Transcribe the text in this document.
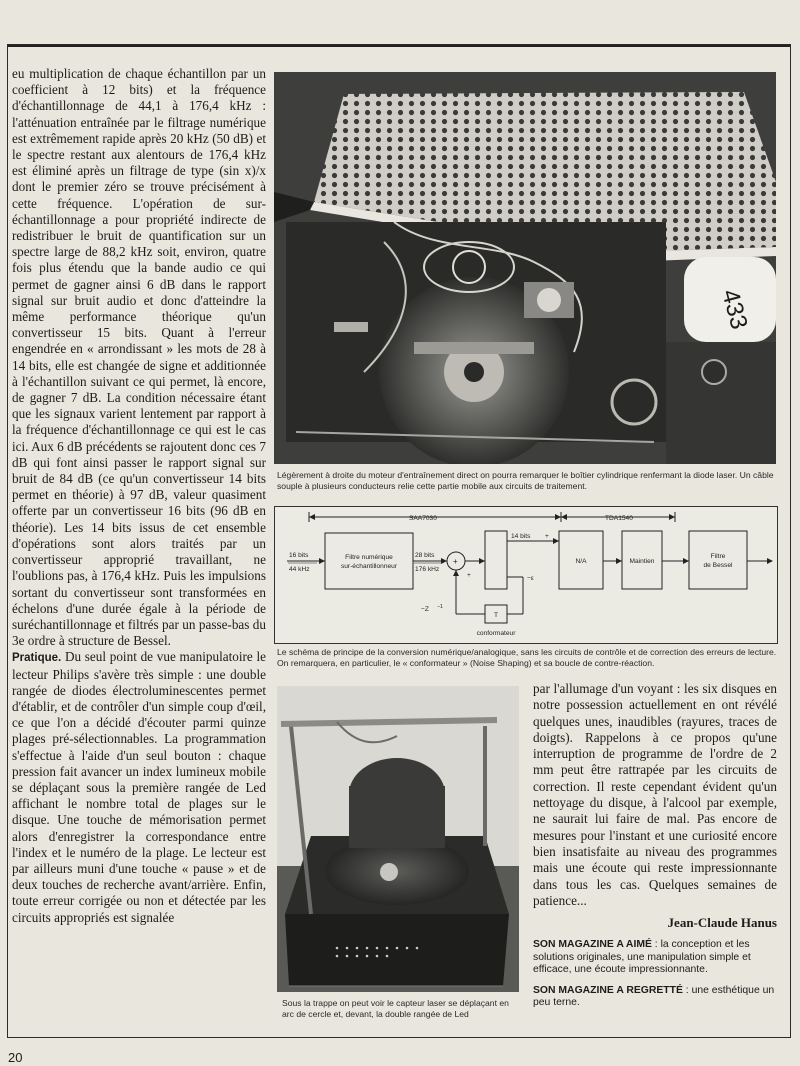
eu multiplication de chaque échantillon par un coefficient à 12 bits) et la fréquence d'échantillonnage de 44,1 à 176,4 kHz : l'atténuation entraînée par le filtrage numérique est extrêmement rapide après 20 kHz (50 dB) et le spectre restant aux alentours de 176,4 kHz est éliminé après un filtrage de type (sin x)/x dont le premier zéro se trouve précisément à cette fréquence. L'opération de sur-échantillonnage a pour propriété indirecte de redistribuer le bruit de quantification sur un spectre large de 88,2 kHz soit, environ, quatre fois plus étendu que la bande audio ce qui permet de gagner ainsi 6 dB dans le rapport signal sur bruit audio et donc d'atteindre la même performance théorique qu'un convertisseur 15 bits. Quant à l'erreur engendrée en « arrondissant » les mots de 28 à 14 bits, elle est changée de signe et additionnée à l'échantillon suivant ce qui permet, là encore, de gagner 7 dB. La condition nécessaire étant que les signaux varient lentement par rapport à la fréquence d'échantillonnage ce qui est le cas ici. Aux 6 dB précédents se rajoutent donc ces 7 dB qui font ainsi passer le rapport signal sur bruit de 84 dB (ce qu'un convertisseur 14 bits permet en théorie) à 97 dB, valeur quasiment offerte par un convertisseur 16 bits (96 dB en théorie). Les 14 bits issus de cet ensemble d'opérations sont alors traités par un convertisseur approprié travaillant, ne l'oublions pas, à 176,4 kHz. Puis les impulsions sortant du convertisseur sont transformées en échelons d'une durée égale à la période de suréchantillonnage et filtrés par un passe-bas du 3e ordre à structure de Bessel.

Pratique. Du seul point de vue manipulatoire le lecteur Philips s'avère très simple : une double rangée de diodes électroluminescentes permet d'établir, et de contrôler d'un simple coup d'œil, ce que l'on a décidé d'écouter parmi quinze plages pré-sélectionnables. La programmation s'effectue à l'aide d'un seul bouton : chaque pression fait avancer un index lumineux mobile se déplaçant sous la première rangée de Led affichant le nombre total de plages sur le disque. Une touche de mémorisation permet alors d'enregistrer la correspondance entre l'index et le numéro de la plage. Le lecteur est par ailleurs muni d'une touche « pause » et de deux touches de recherche avant/arrière. Enfin, toute erreur corrigée ou non et détectée par les circuits appropriés est signalée

433
Légèrement à droite du moteur d'entraînement direct on pourra remarquer le boîtier cylindrique renfermant la diode laser. Un câble souple à plusieurs conducteurs relie cette partie mobile aux circuits de traitement.
SAA7030	TDA1540
16 bits
44 kHz
Filtre numérique
sur-échantillonneur
28 bits
176 kHz
+
14 bits +
−ε
+
N/A	Maintien
Filtre
de Bessel
−Z −1
T
conformateur
Le schéma de principe de la conversion numérique/analogique, sans les circuits de contrôle et de correction des erreurs de lecture. On remarquera, en particulier, le « conformateur » (Noise Shaping) et sa boucle de contre-réaction.
Sous la trappe on peut voir le capteur laser se déplaçant en arc de cercle et, devant, la double rangée de Led

par l'allumage d'un voyant : les six disques en notre possession actuellement en ont révélé quelques unes, inaudibles (rayures, traces de doigts). Rappelons à ce propos qu'une interruption de programme de l'ordre de 2 mm peut être rattrapée par les circuits de correction. Il reste cependant évident qu'un nettoyage du disque, à l'alcool par exemple, ne saurait lui faire de mal. Pas encore de mesures pour l'instant et une curiosité encore bien insatisfaite au niveau des programmes mais une écoute qui reste impressionnante dans tous les cas. Quelques semaines de patience...

Jean-Claude Hanus

SON MAGAZINE A AIMÉ : la conception et les solutions originales, une manipulation simple et efficace, une écoute impressionnante.

SON MAGAZINE A REGRETTÉ : une esthétique un peu terne.

20
